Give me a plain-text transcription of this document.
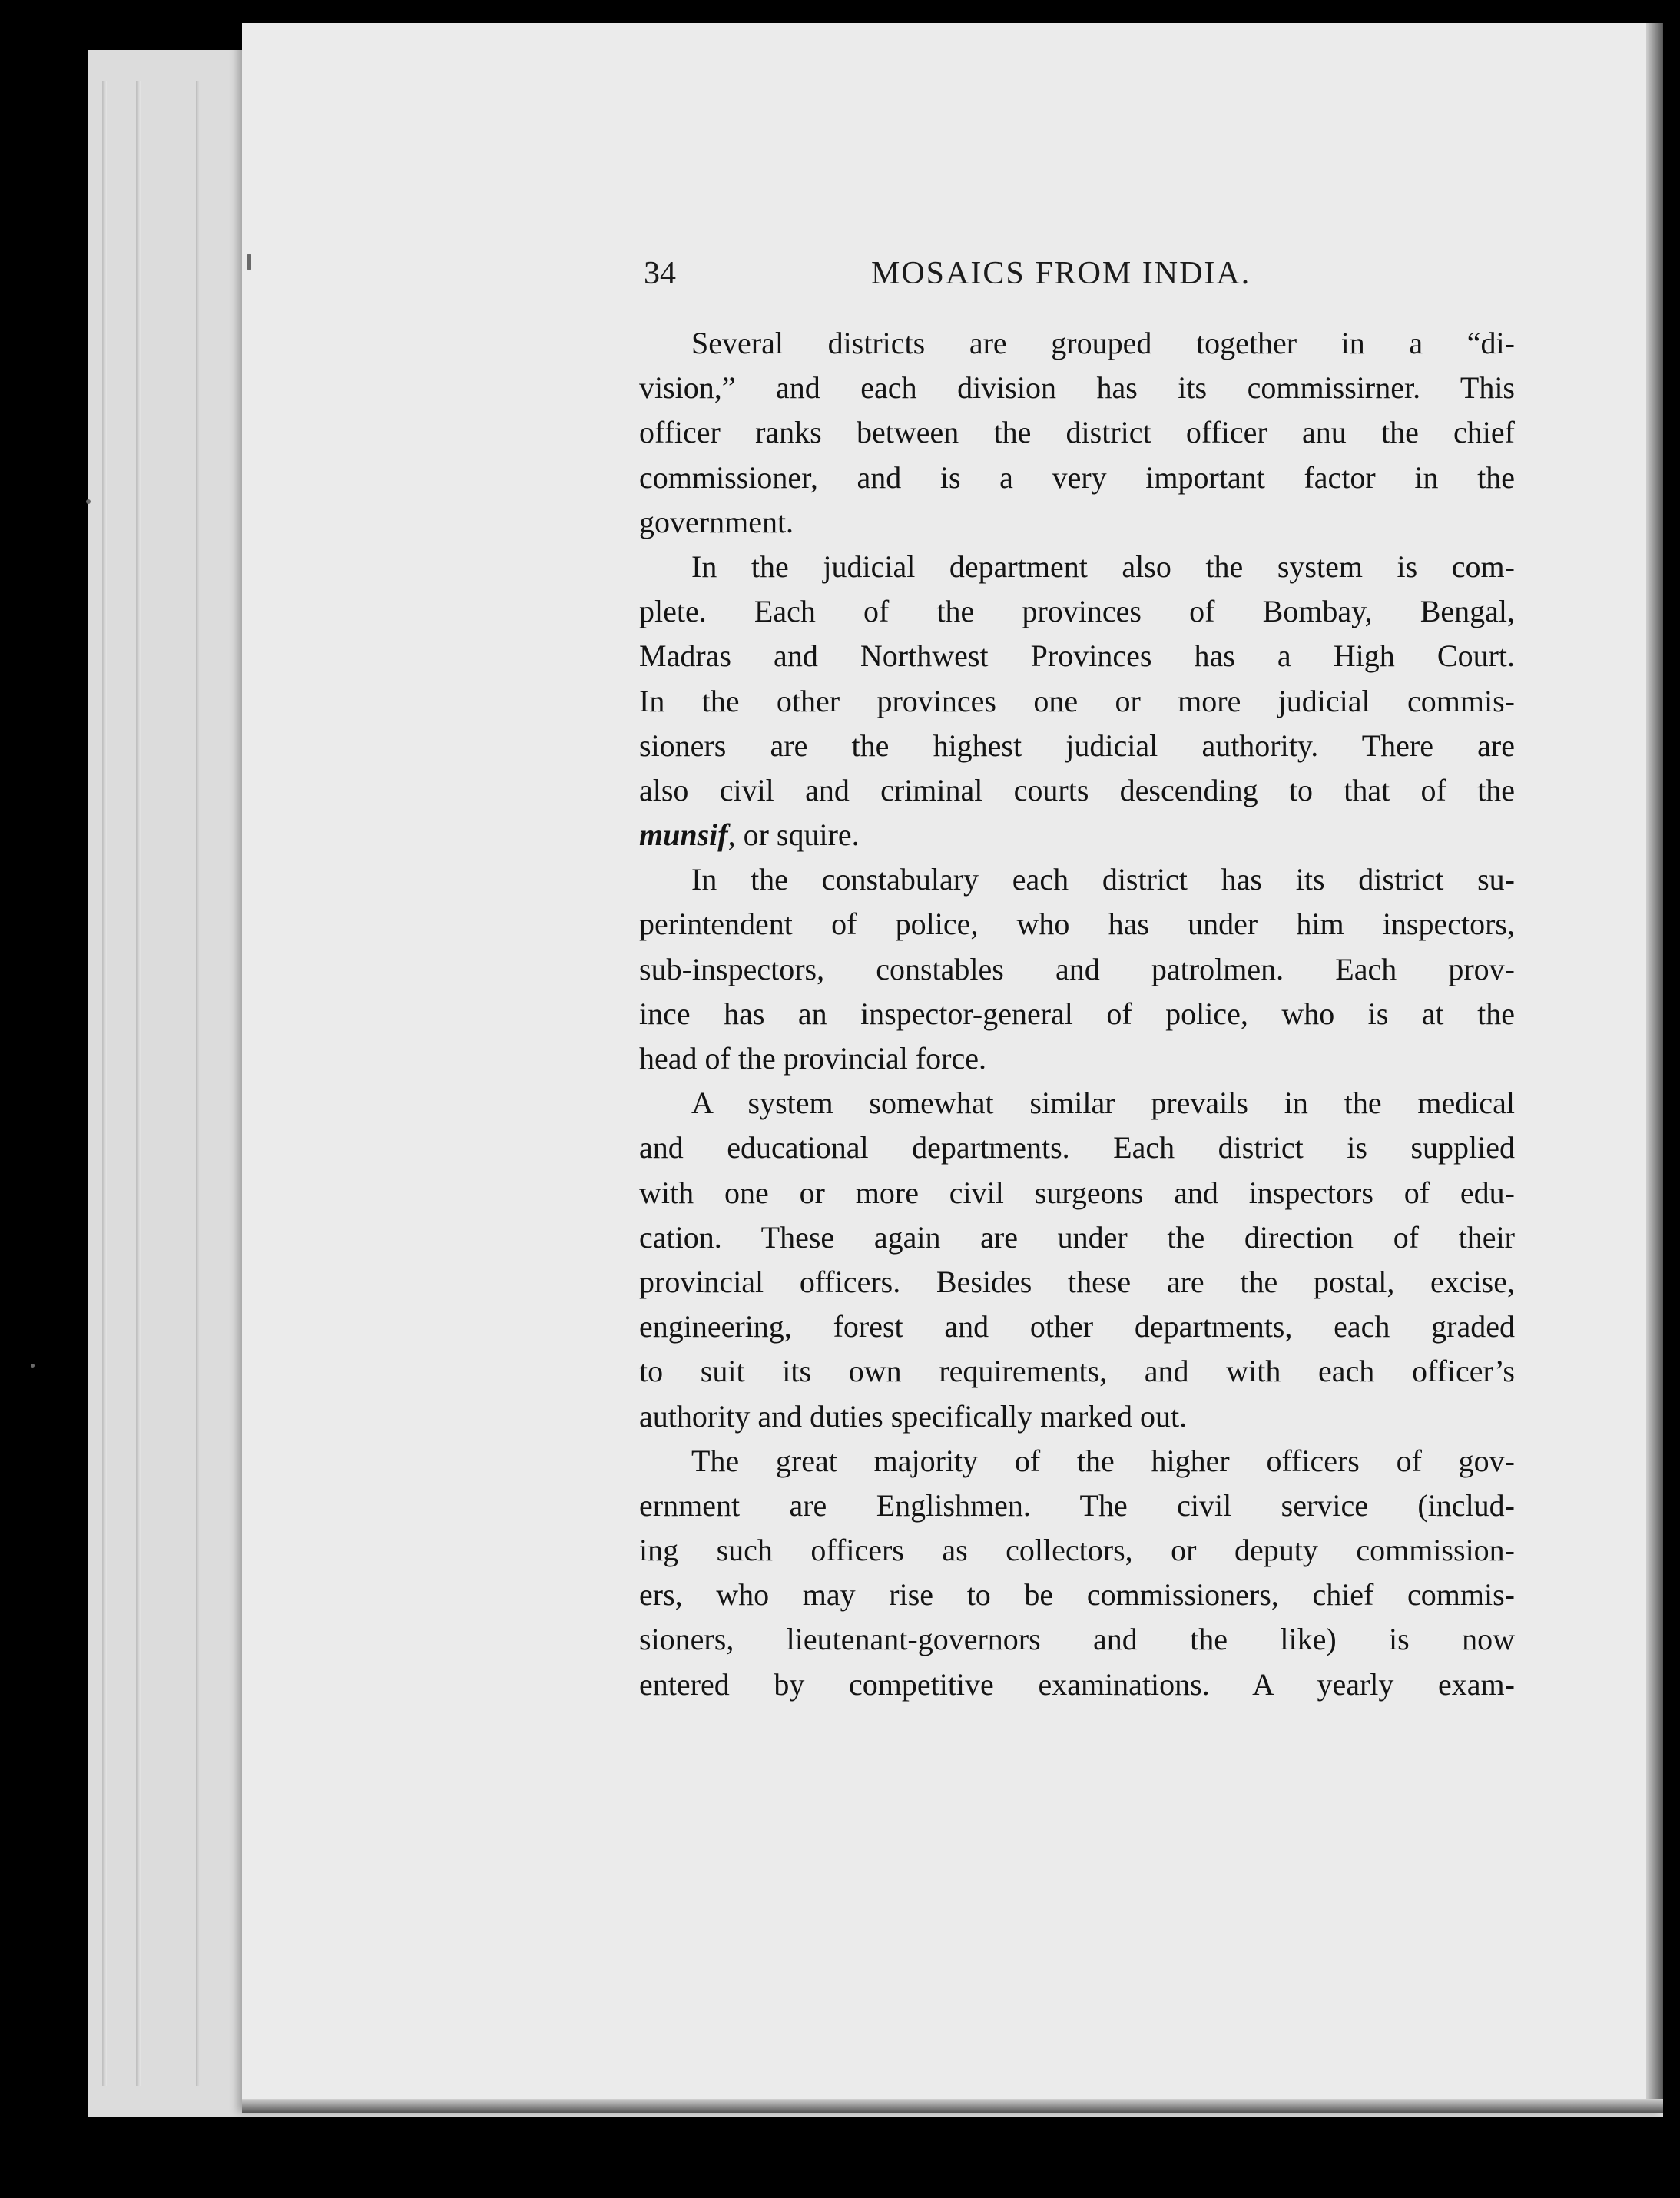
34	MOSAICS FROM INDIA.
Several districts are grouped together in a “di-
vision,” and each division has its commissirner. This
officer ranks between the district officer anu the chief
commissioner, and is a very important factor in the
government.
In the judicial department also the system is com-
plete. Each of the provinces of Bombay, Bengal,
Madras and Northwest Provinces has a High Court.
In the other provinces one or more judicial commis-
sioners are the highest judicial authority. There are
also civil and criminal courts descending to that of the
munsif, or squire.
In the constabulary each district has its district su-
perintendent of police, who has under him inspectors,
sub-inspectors, constables and patrolmen. Each prov-
ince has an inspector-general of police, who is at the
head of the provincial force.
A system somewhat similar prevails in the medical
and educational departments. Each district is supplied
with one or more civil surgeons and inspectors of edu-
cation. These again are under the direction of their
provincial officers. Besides these are the postal, excise,
engineering, forest and other departments, each graded
to suit its own requirements, and with each officer’s
authority and duties specifically marked out.
The great majority of the higher officers of gov-
ernment are Englishmen. The civil service (includ-
ing such officers as collectors, or deputy commission-
ers, who may rise to be commissioners, chief commis-
sioners, lieutenant-governors and the like) is now
entered by competitive examinations. A yearly exam-
